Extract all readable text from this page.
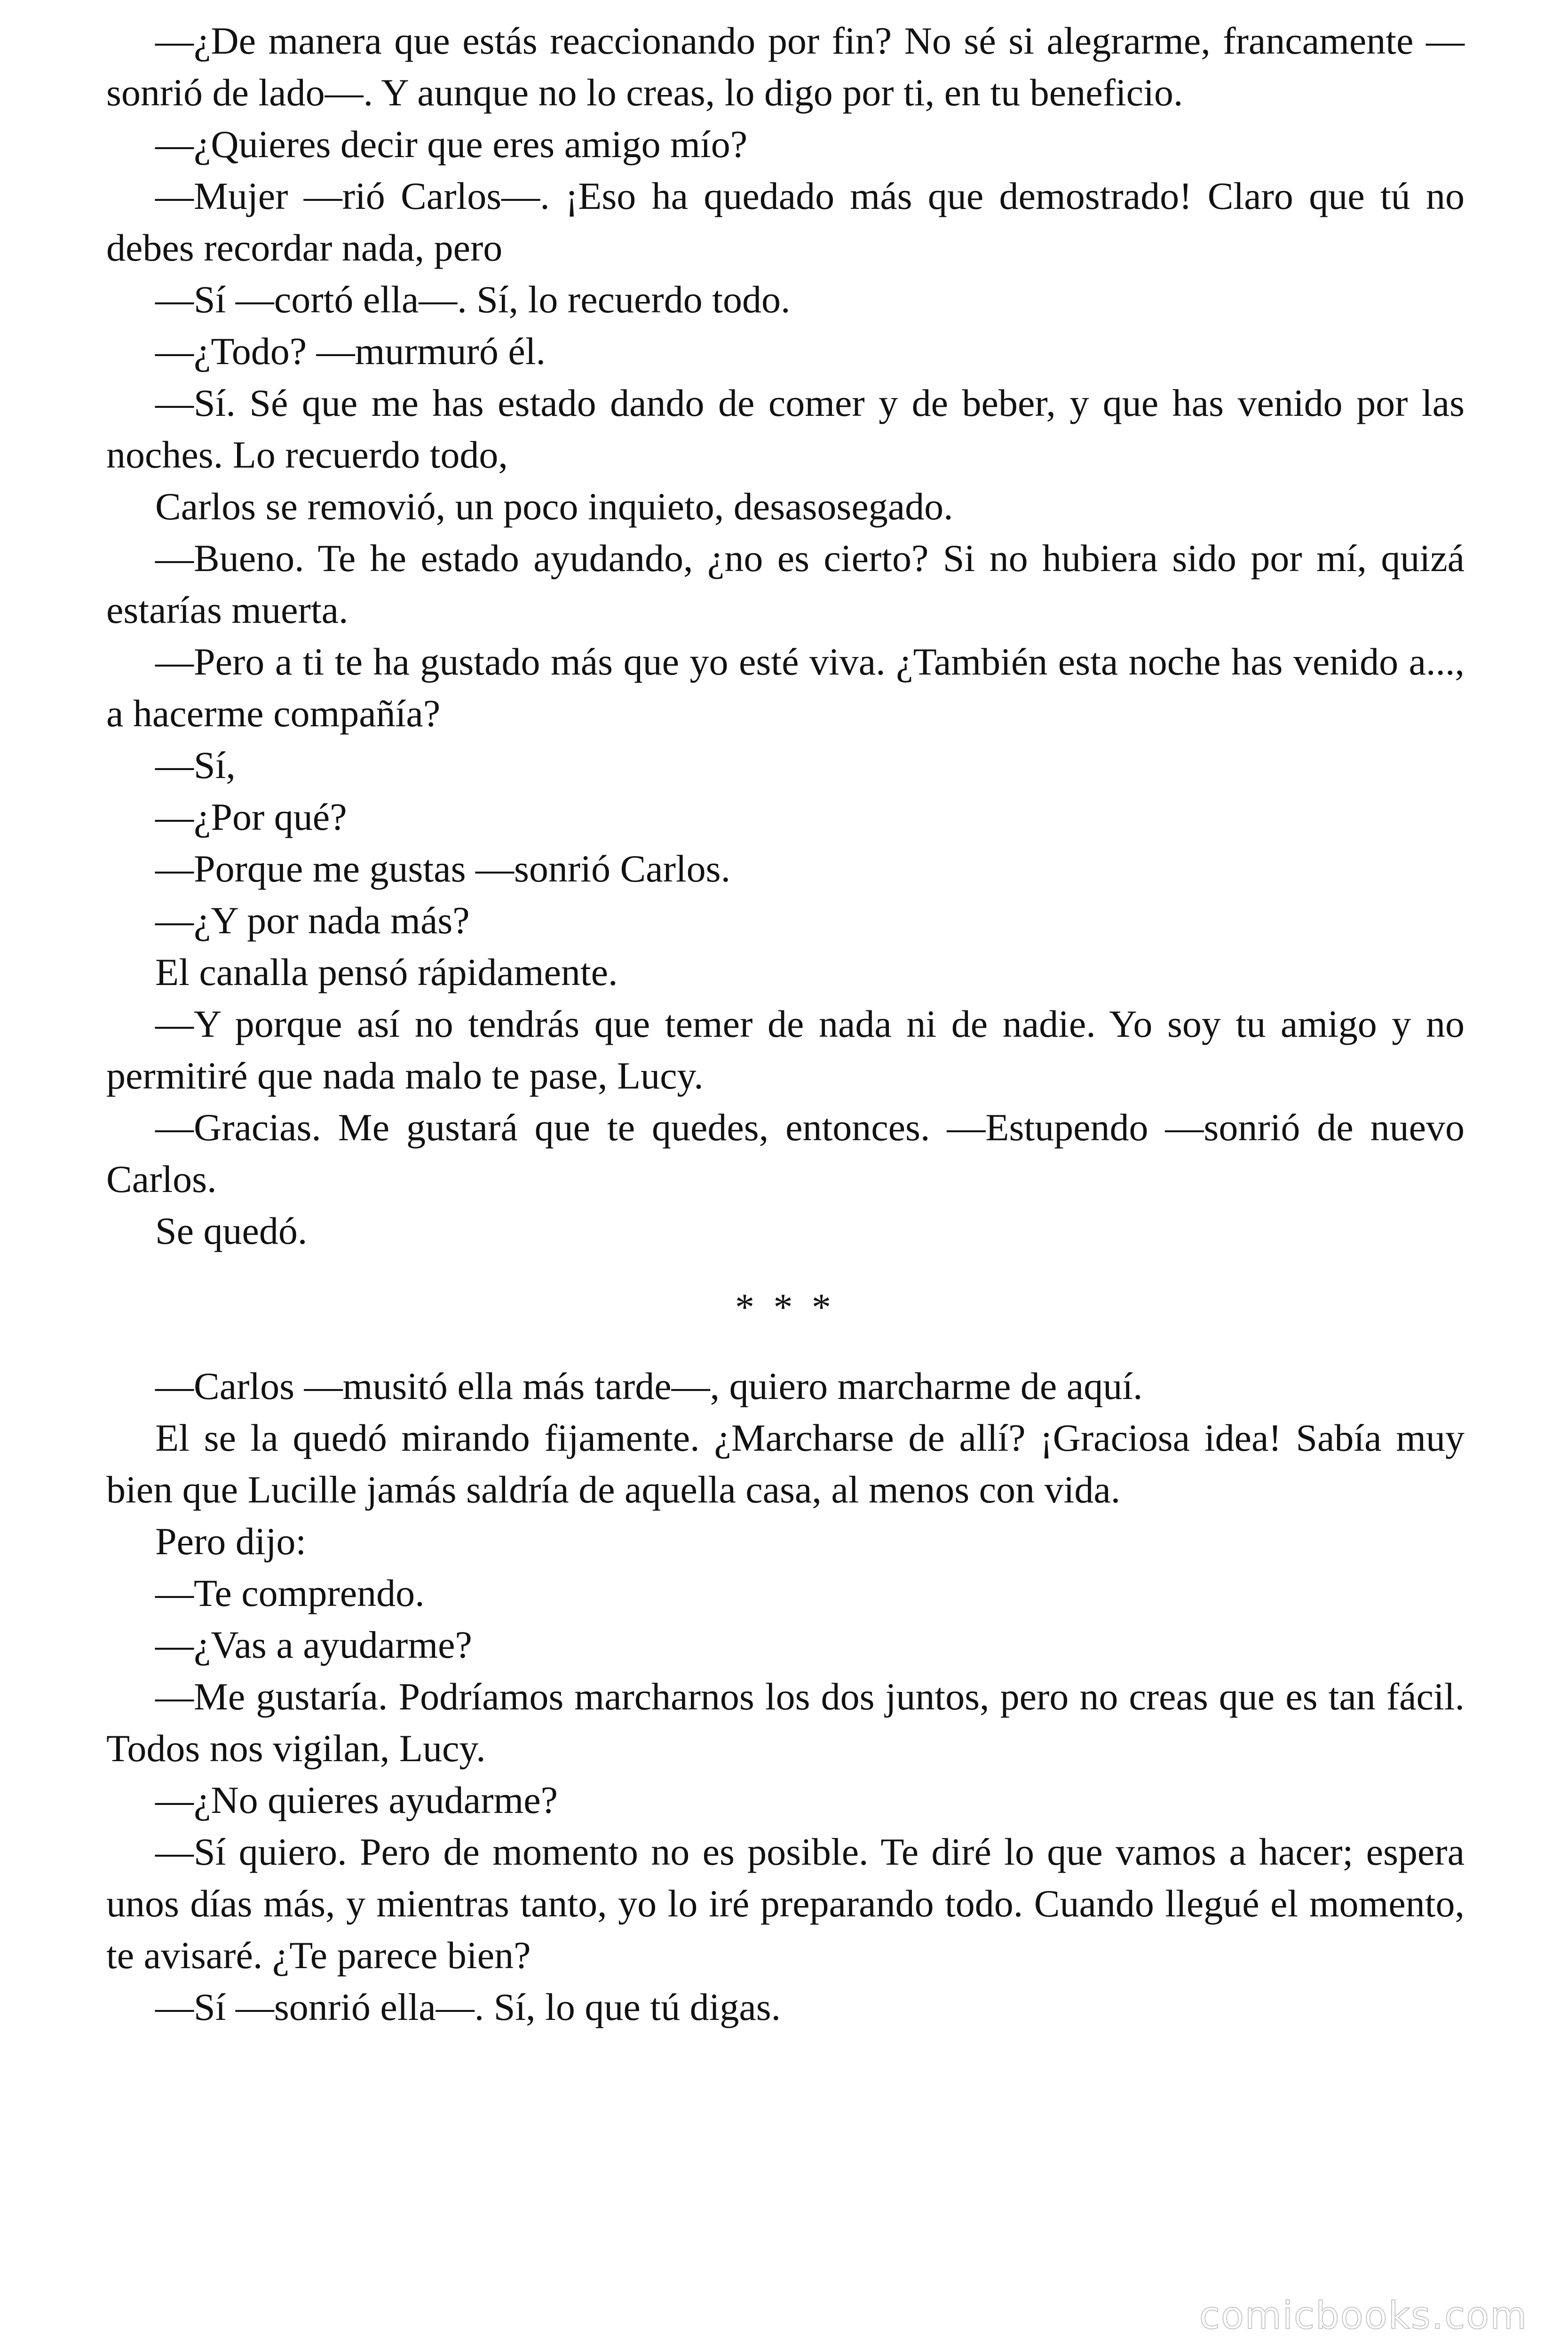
—¿De manera que estás reaccionando por fin? No sé si alegrarme, francamente —sonrió de lado—. Y aunque no lo creas, lo digo por ti, en tu beneficio.

—¿Quieres decir que eres amigo mío?

—Mujer —rió Carlos—. ¡Eso ha quedado más que demostrado! Claro que tú no debes recordar nada, pero

—Sí —cortó ella—. Sí, lo recuerdo todo.

—¿Todo? —murmuró él.

—Sí. Sé que me has estado dando de comer y de beber, y que has venido por las noches. Lo recuerdo todo,

Carlos se removió, un poco inquieto, desasosegado.

—Bueno. Te he estado ayudando, ¿no es cierto? Si no hubiera sido por mí, quizá estarías muerta.

—Pero a ti te ha gustado más que yo esté viva. ¿También esta noche has venido a..., a hacerme compañía?

—Sí,

—¿Por qué?

—Porque me gustas —sonrió Carlos.

—¿Y por nada más?

El canalla pensó rápidamente.

—Y porque así no tendrás que temer de nada ni de nadie. Yo soy tu amigo y no permitiré que nada malo te pase, Lucy.

—Gracias. Me gustará que te quedes, entonces. —Estupendo —sonrió de nuevo Carlos.

Se quedó.

* * *

—Carlos —musitó ella más tarde—, quiero marcharme de aquí.

El se la quedó mirando fijamente. ¿Marcharse de allí? ¡Graciosa idea! Sabía muy bien que Lucille jamás saldría de aquella casa, al menos con vida.

Pero dijo:

—Te comprendo.

—¿Vas a ayudarme?

—Me gustaría. Podríamos marcharnos los dos juntos, pero no creas que es tan fácil. Todos nos vigilan, Lucy.

—¿No quieres ayudarme?

—Sí quiero. Pero de momento no es posible. Te diré lo que vamos a hacer; espera unos días más, y mientras tanto, yo lo iré preparando todo. Cuando llegué el momento, te avisaré. ¿Te parece bien?

—Sí —sonrió ella—. Sí, lo que tú digas.

comicbooks.com
